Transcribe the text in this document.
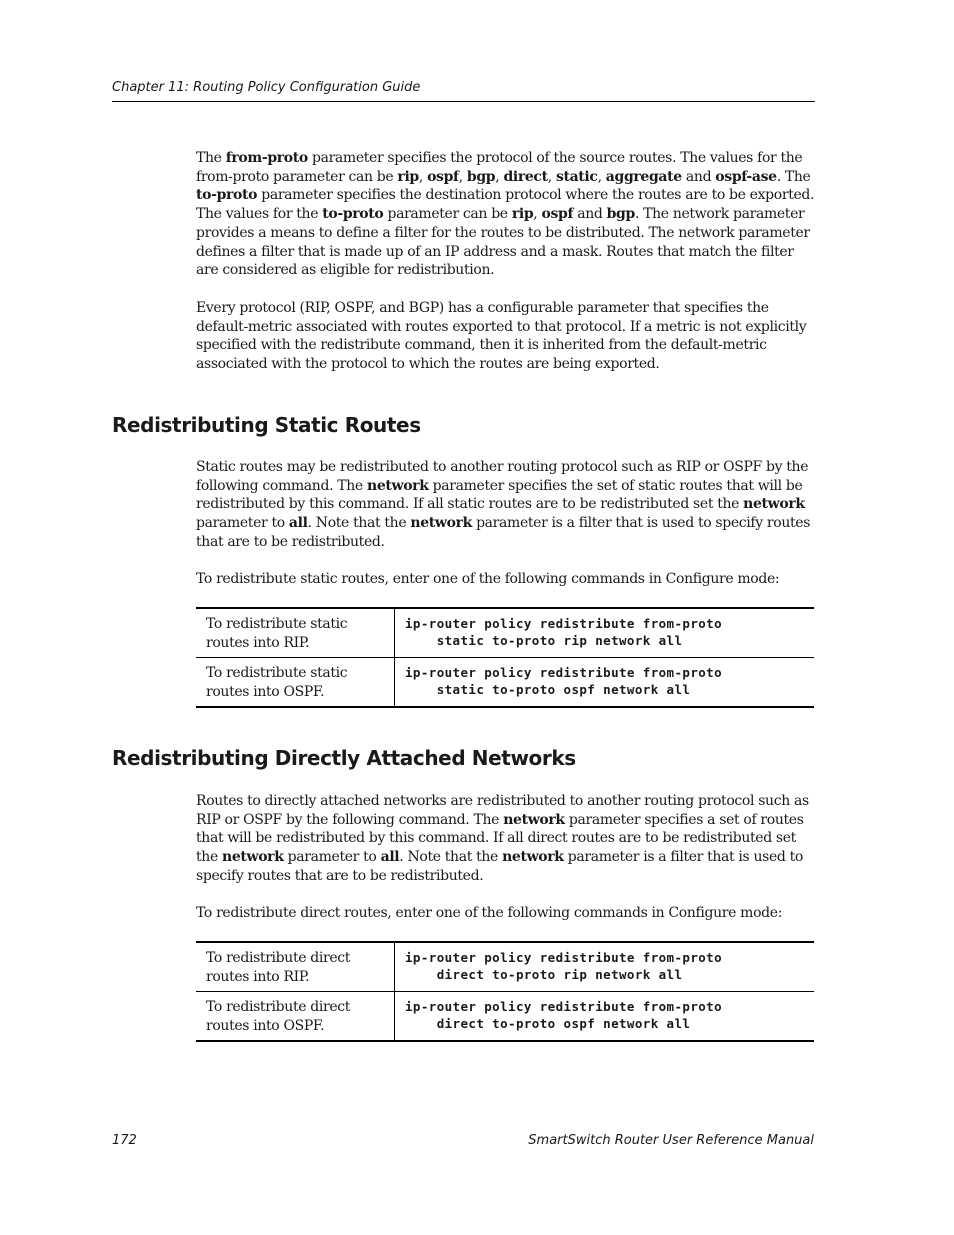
Chapter 11: Routing Policy Configuration Guide

The from-proto parameter specifies the protocol of the source routes. The values for the from-proto parameter can be rip, ospf, bgp, direct, static, aggregate and ospf-ase. The to-proto parameter specifies the destination protocol where the routes are to be exported. The values for the to-proto parameter can be rip, ospf and bgp. The network parameter provides a means to define a filter for the routes to be distributed. The network parameter defines a filter that is made up of an IP address and a mask. Routes that match the filter are considered as eligible for redistribution.

Every protocol (RIP, OSPF, and BGP) has a configurable parameter that specifies the default-metric associated with routes exported to that protocol. If a metric is not explicitly specified with the redistribute command, then it is inherited from the default-metric associated with the protocol to which the routes are being exported.

Redistributing Static Routes

Static routes may be redistributed to another routing protocol such as RIP or OSPF by the following command. The network parameter specifies the set of static routes that will be redistributed by this command. If all static routes are to be redistributed set the network parameter to all. Note that the network parameter is a filter that is used to specify routes that are to be redistributed.

To redistribute static routes, enter one of the following commands in Configure mode:

To redistribute static routes into RIP.
ip-router policy redistribute from-proto
static to-proto rip network all
To redistribute static routes into OSPF.
ip-router policy redistribute from-proto
static to-proto ospf network all
Redistributing Directly Attached Networks

Routes to directly attached networks are redistributed to another routing protocol such as RIP or OSPF by the following command. The network parameter specifies a set of routes that will be redistributed by this command. If all direct routes are to be redistributed set the network parameter to all. Note that the network parameter is a filter that is used to specify routes that are to be redistributed.

To redistribute direct routes, enter one of the following commands in Configure mode:

To redistribute direct routes into RIP.
ip-router policy redistribute from-proto
direct to-proto rip network all
To redistribute direct routes into OSPF.
ip-router policy redistribute from-proto
direct to-proto ospf network all
172	SmartSwitch Router User Reference Manual
